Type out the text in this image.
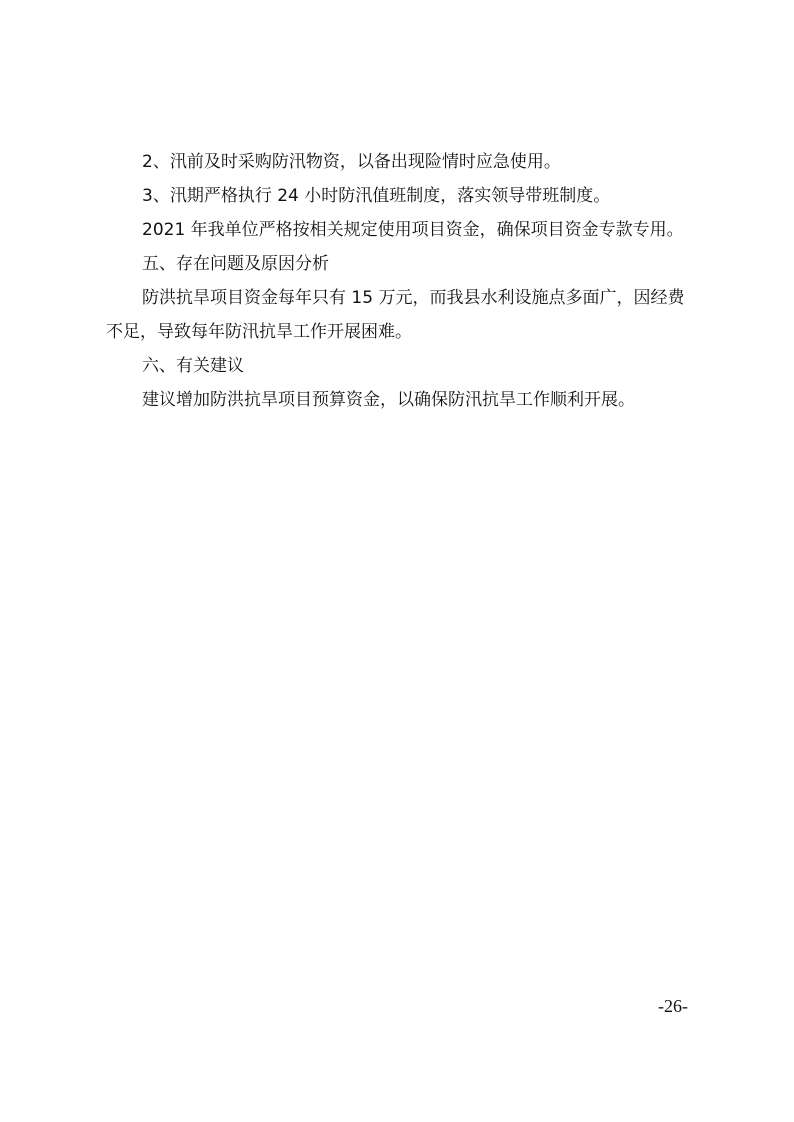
2、汛前及时采购防汛物资，以备出现险情时应急使用。

3、汛期严格执行 24 小时防汛值班制度，落实领导带班制度。

2021 年我单位严格按相关规定使用项目资金，确保项目资金专款专用。

五、存在问题及原因分析

防洪抗旱项目资金每年只有 15 万元，而我县水利设施点多面广，因经费不足，导致每年防汛抗旱工作开展困难。

六、有关建议

建议增加防洪抗旱项目预算资金，以确保防汛抗旱工作顺利开展。

-26-
